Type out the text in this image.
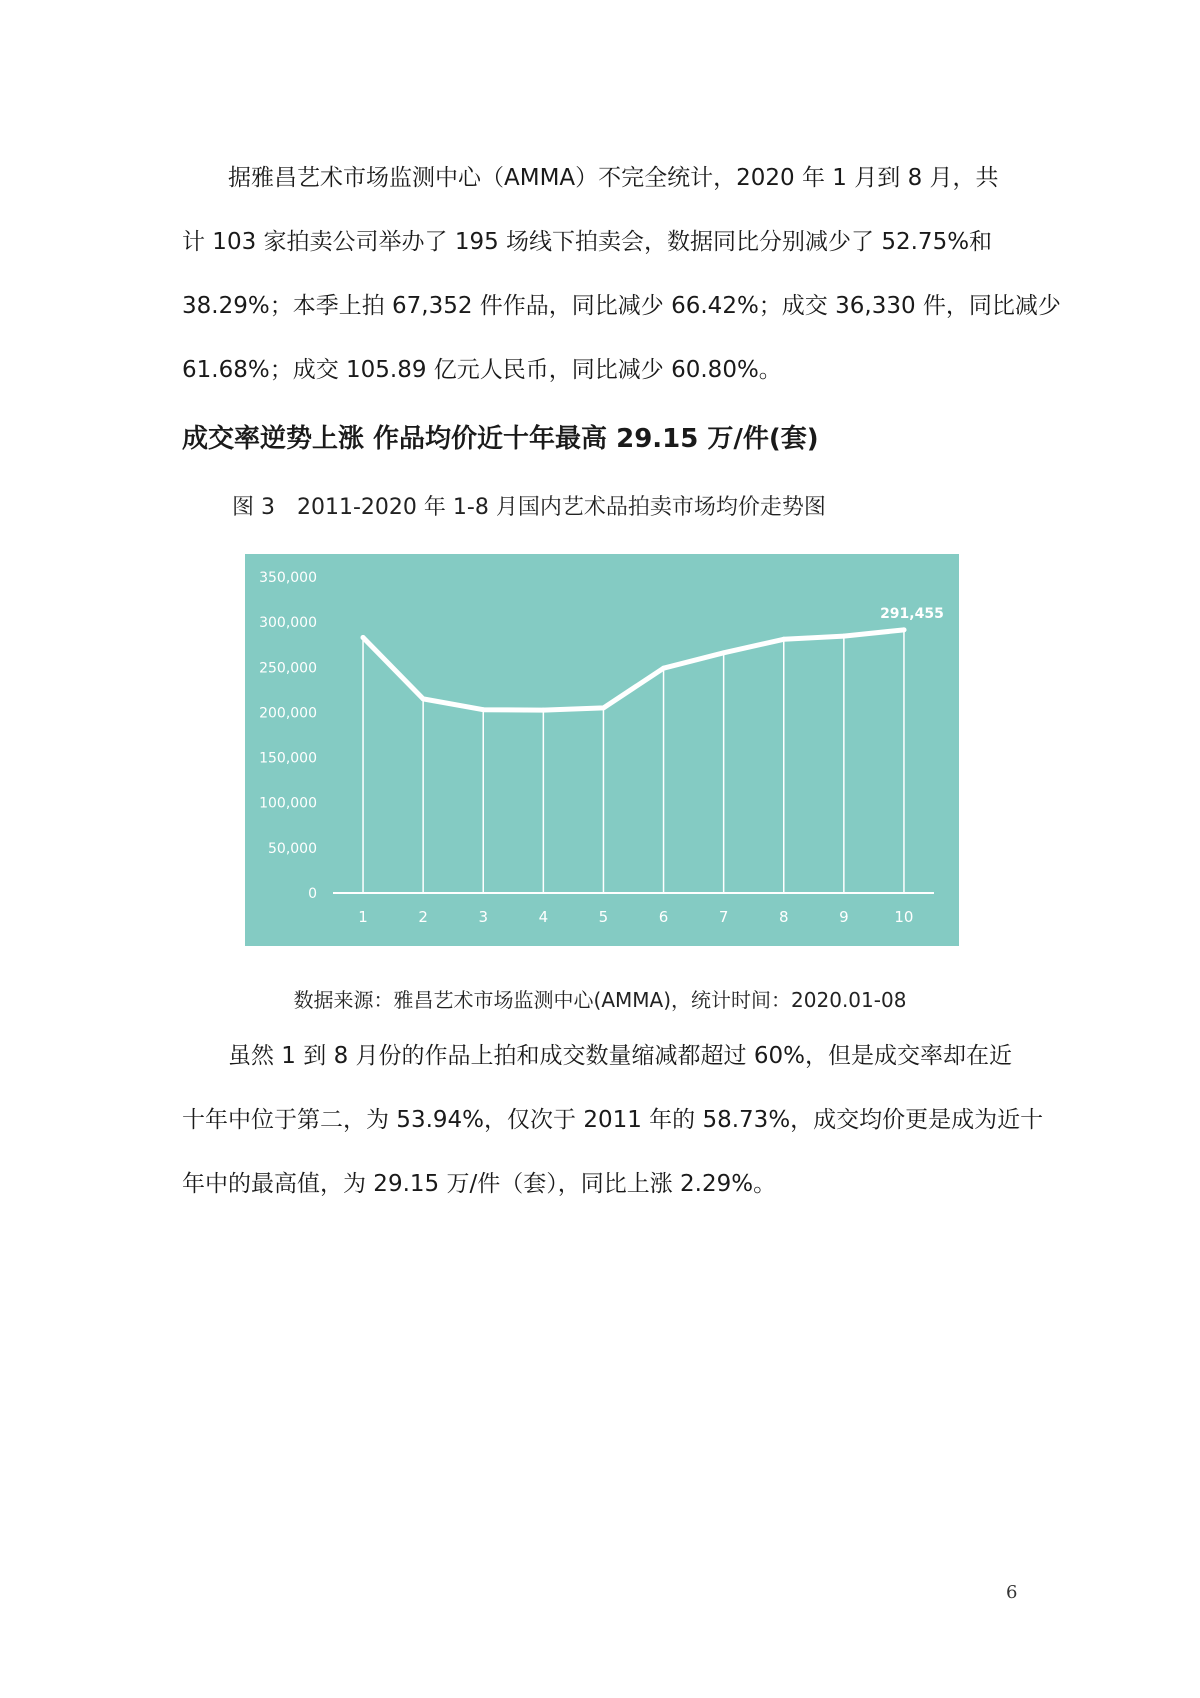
据雅昌艺术市场监测中心（AMMA）不完全统计，2020 年 1 月到 8 月，共
计 103 家拍卖公司举办了 195 场线下拍卖会，数据同比分别减少了 52.75%和
38.29%；本季上拍 67,352 件作品，同比减少 66.42%；成交 36,330 件，同比减少
61.68%；成交 105.89 亿元人民币，同比减少 60.80%。
成交率逆势上涨 作品均价近十年最高 29.15 万/件(套)
图 3　2011-2020 年 1-8 月国内艺术品拍卖市场均价走势图
0
50,000
100,000
150,000
200,000
250,000
300,000
350,000
1	2	3	4	5	6	7	8	9	10
291,455
数据来源：雅昌艺术市场监测中心(AMMA)，统计时间：2020.01-08
虽然 1 到 8 月份的作品上拍和成交数量缩减都超过 60%，但是成交率却在近
十年中位于第二，为 53.94%，仅次于 2011 年的 58.73%，成交均价更是成为近十
年中的最高值，为 29.15 万/件（套），同比上涨 2.29%。
6
